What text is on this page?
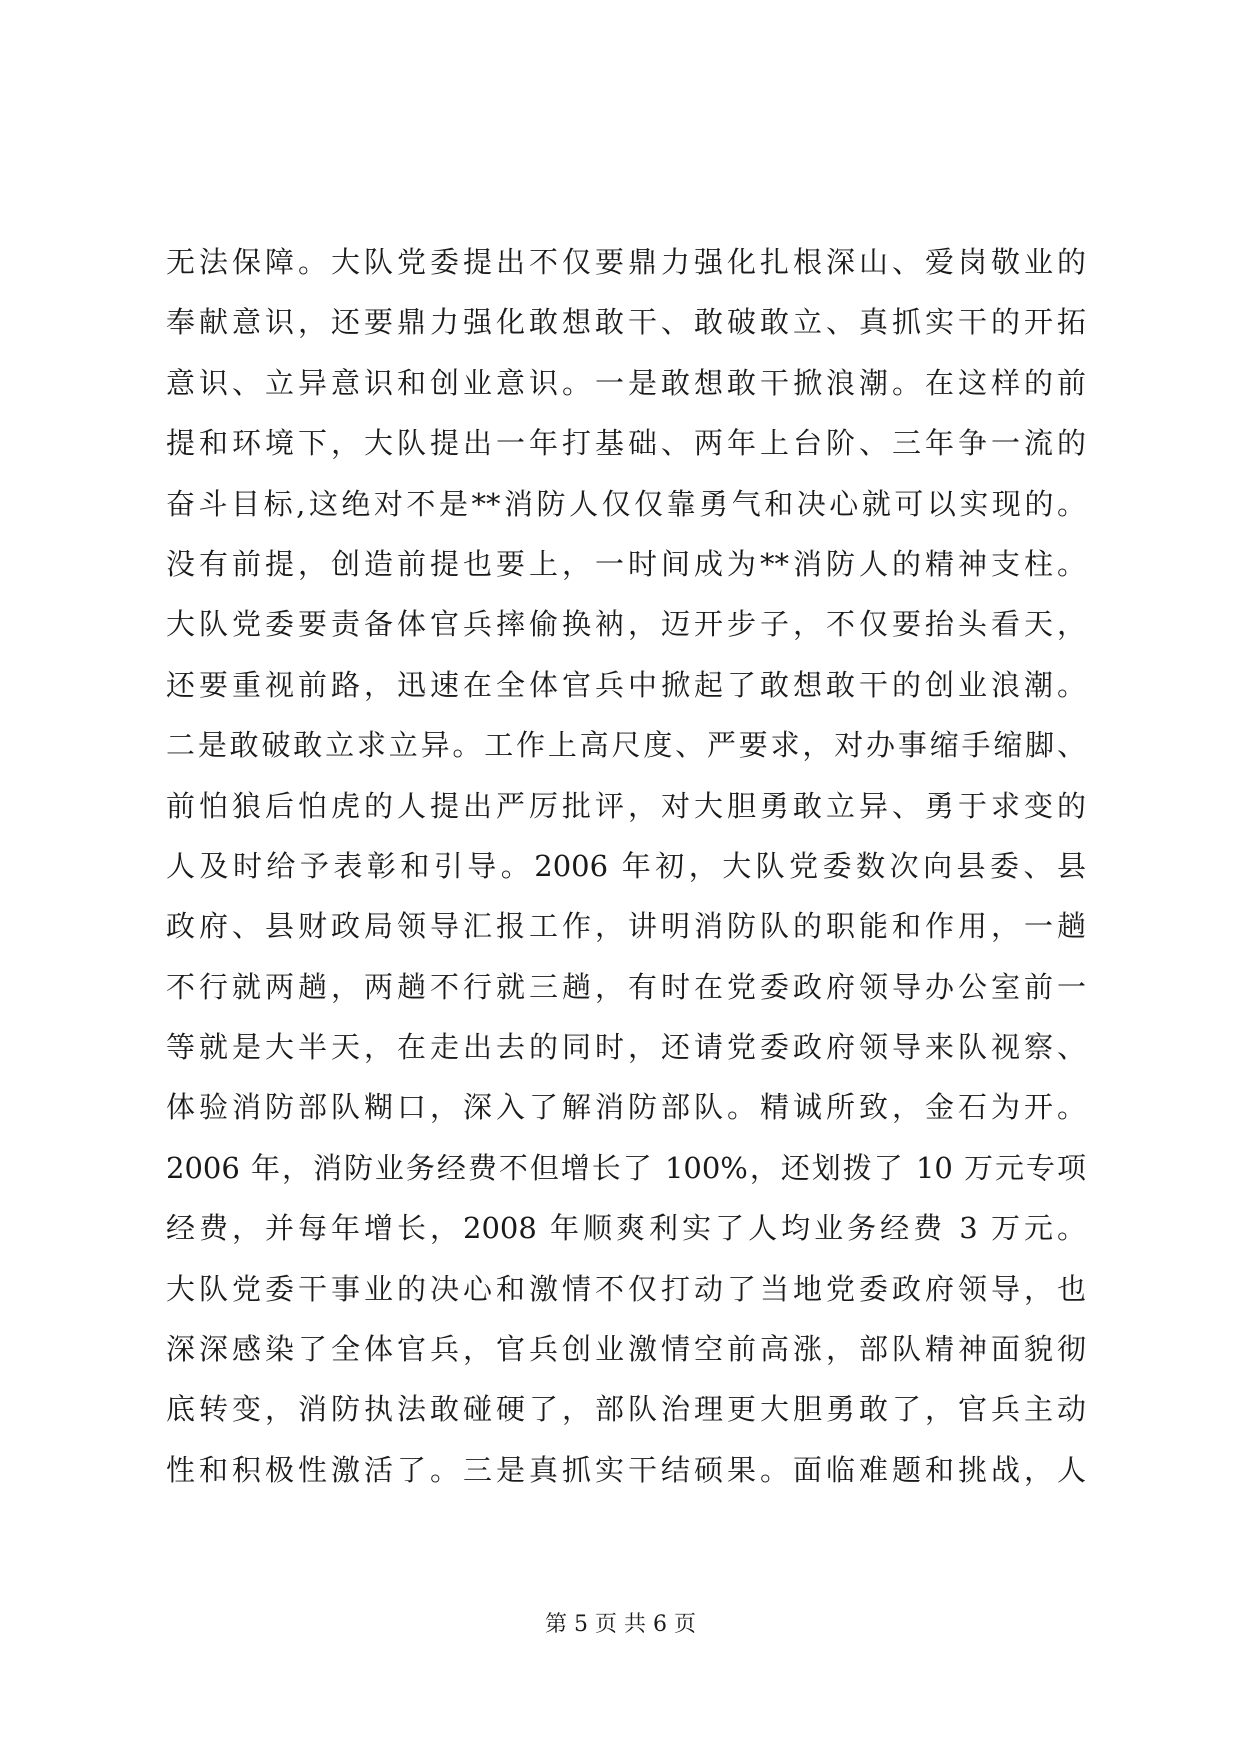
无法保障。大队党委提出不仅要鼎力强化扎根深山、爱岗敬业的
奉献意识，还要鼎力强化敢想敢干、敢破敢立、真抓实干的开拓
意识、立异意识和创业意识。一是敢想敢干掀浪潮。在这样的前
提和环境下，大队提出一年打基础、两年上台阶、三年争一流的
奋斗目标,这绝对不是**消防人仅仅靠勇气和决心就可以实现的。
没有前提，创造前提也要上，一时间成为**消防人的精神支柱。
大队党委要责备体官兵摔偷换衲，迈开步子，不仅要抬头看天，
还要重视前路，迅速在全体官兵中掀起了敢想敢干的创业浪潮。
二是敢破敢立求立异。工作上高尺度、严要求，对办事缩手缩脚、
前怕狼后怕虎的人提出严厉批评，对大胆勇敢立异、勇于求变的
人及时给予表彰和引导。2006 年初，大队党委数次向县委、县
政府、县财政局领导汇报工作，讲明消防队的职能和作用，一趟
不行就两趟，两趟不行就三趟，有时在党委政府领导办公室前一
等就是大半天，在走出去的同时，还请党委政府领导来队视察、
体验消防部队糊口，深入了解消防部队。精诚所致，金石为开。
2006 年，消防业务经费不但增长了 100%，还划拨了 10 万元专项
经费，并每年增长，2008 年顺爽利实了人均业务经费 3 万元。
大队党委干事业的决心和激情不仅打动了当地党委政府领导，也
深深感染了全体官兵，官兵创业激情空前高涨，部队精神面貌彻
底转变，消防执法敢碰硬了，部队治理更大胆勇敢了，官兵主动
性和积极性激活了。三是真抓实干结硕果。面临难题和挑战，人
第 5 页 共 6 页
